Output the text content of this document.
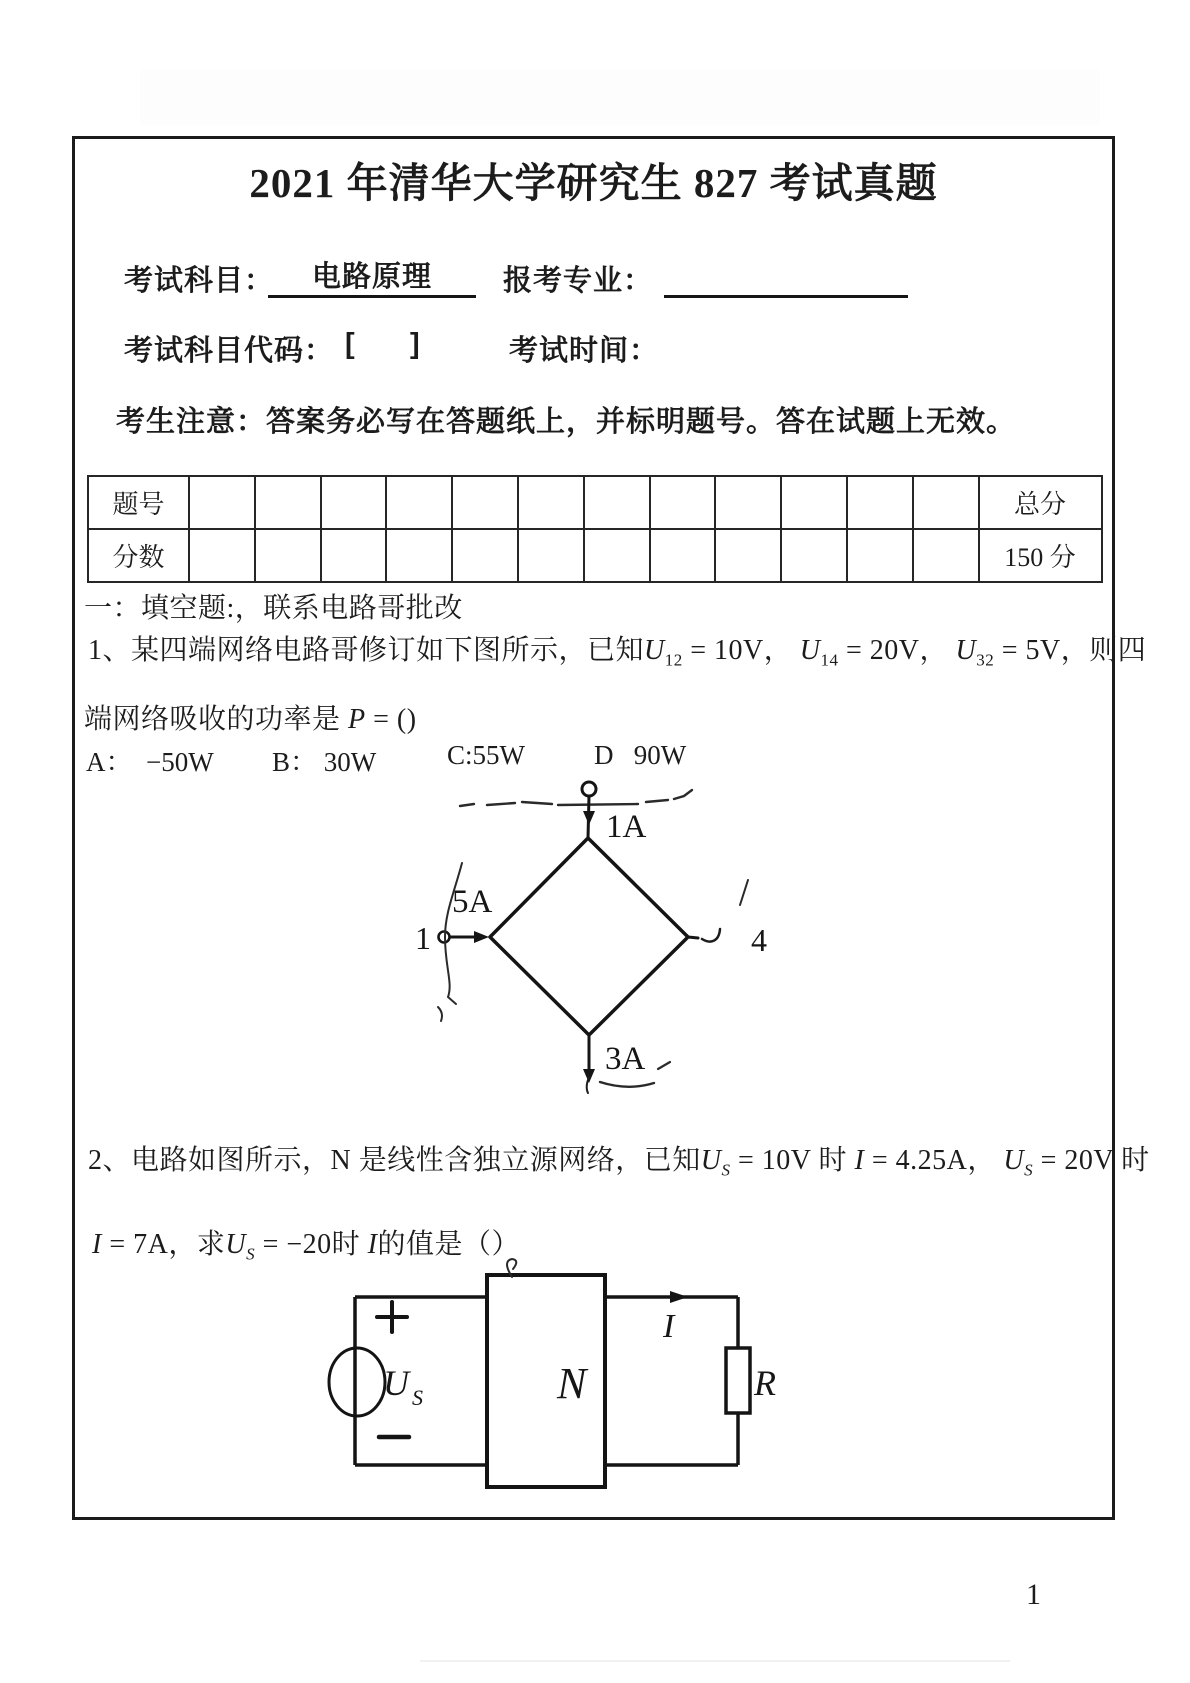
2021 年清华大学研究生 827 考试真题
考试科目：	电路原理	报考专业：
考试科目代码： [      ]	考试时间：
考生注意：答案务必写在答题纸上，并标明题号。答在试题上无效。
题号													总分
分数													150 分
一：填空题:，联系电路哥批改
1、某四端网络电路哥修订如下图所示，已知$U_{12} = 10V$， $U_{14} = 20V$， $U_{32} = 5V$，则四
端网络吸收的功率是 P = ()
A：  −50W B： 30W	C:55W	D   90W
1A
1
5A
4
3A
2、电路如图所示，N 是线性含独立源网络，已知$U_S = 10V$ 时 I = 4.25A， $U_S = 20V$ 时
I = 7A，求$U_S = -20$时 I的值是（）
U S	N
I
R
1
